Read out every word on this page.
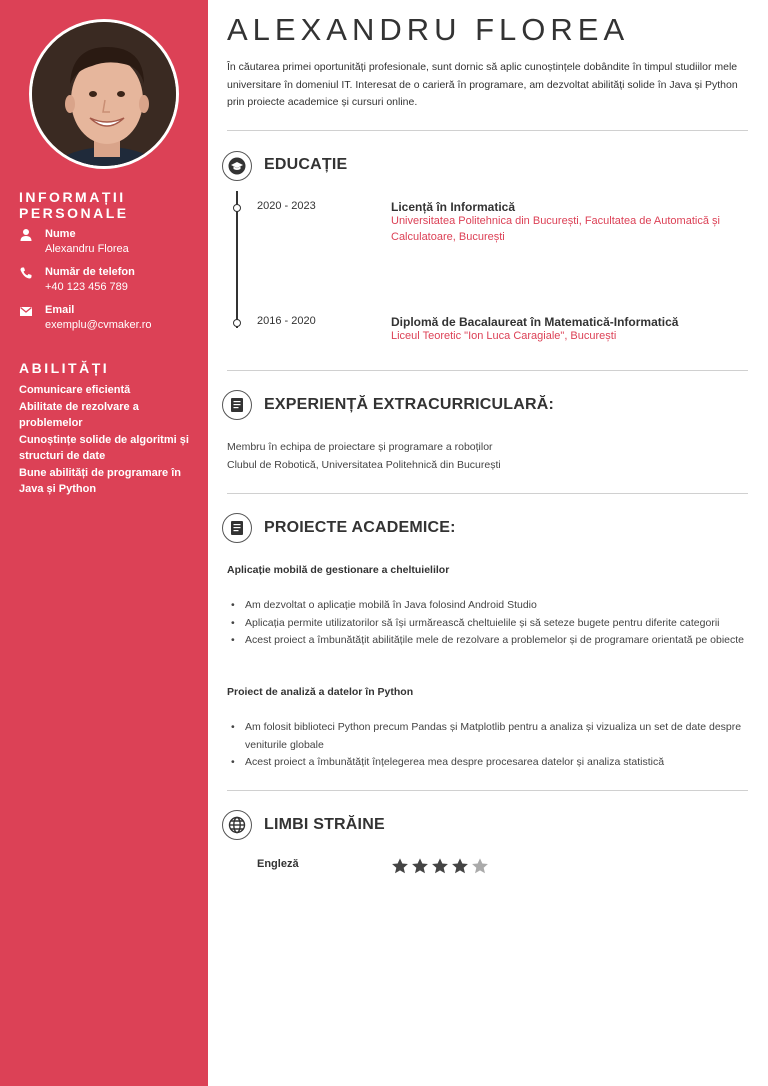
INFORMAȚII PERSONALE
Nume
Alexandru Florea
Număr de telefon
+40 123 456 789
Email
exemplu@cvmaker.ro
ABILITĂȚI
Comunicare eficientă
Abilitate de rezolvare a problemelor
Cunoștințe solide de algoritmi și structuri de date
Bune abilități de programare în Java și Python
ALEXANDRU FLOREA

În căutarea primei oportunități profesionale, sunt dornic să aplic cunoștințele dobândite în timpul studiilor mele universitare în domeniul IT. Interesat de o carieră în programare, am dezvoltat abilități solide în Java și Python prin proiecte academice și cursuri online.

EDUCAȚIE
2020 - 2023	Licență în Informatică
Universitatea Politehnica din București, Facultatea de Automatică și Calculatoare, București
2016 - 2020	Diplomă de Bacalaureat în Matematică-Informatică
Liceul Teoretic "Ion Luca Caragiale", București
EXPERIENȚĂ EXTRACURRICULARĂ:
Membru în echipa de proiectare și programare a roboților
Clubul de Robotică, Universitatea Politehnică din București
PROIECTE ACADEMICE:
Aplicație mobilă de gestionare a cheltuielilor
• Am dezvoltat o aplicație mobilă în Java folosind Android Studio
• Aplicația permite utilizatorilor să își urmărească cheltuielile și să seteze bugete pentru diferite categorii
• Acest proiect a îmbunătățit abilitățile mele de rezolvare a problemelor și de programare orientată pe obiecte
Proiect de analiză a datelor în Python
• Am folosit biblioteci Python precum Pandas și Matplotlib pentru a analiza și vizualiza un set de date despre veniturile globale
• Acest proiect a îmbunătățit înțelegerea mea despre procesarea datelor și analiza statistică
LIMBI STRĂINE
Engleză
